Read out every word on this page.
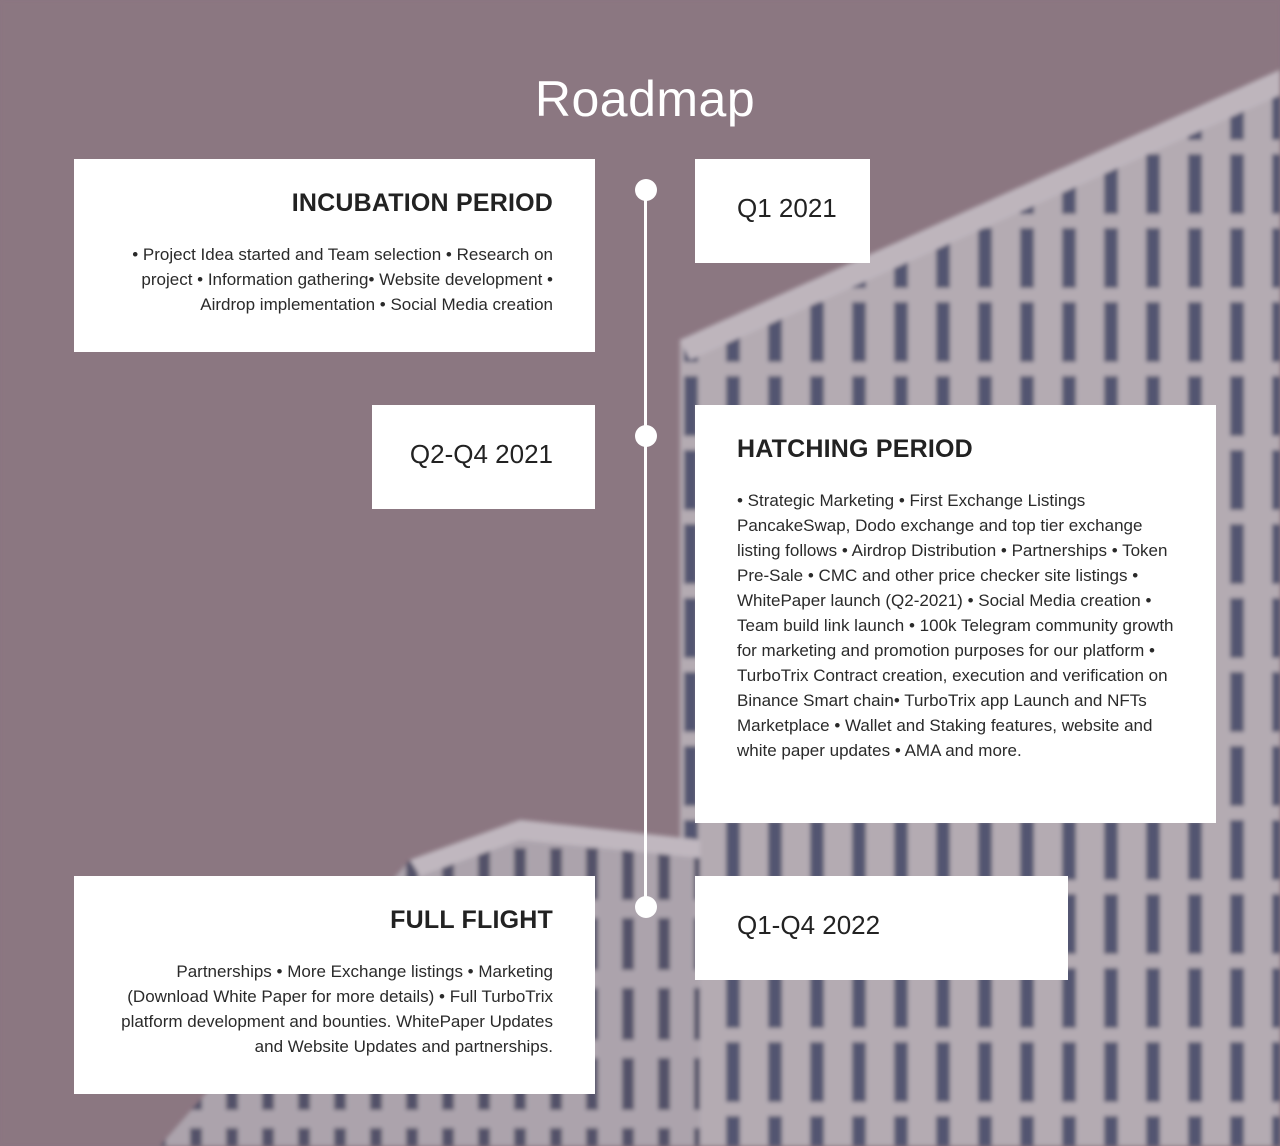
Roadmap
INCUBATION PERIOD

• Project Idea started and Team selection • Research on project • Information gathering• Website development • Airdrop implementation • Social Media creation

Q1 2021
Q2-Q4 2021	HATCHING PERIOD

• Strategic Marketing • First Exchange Listings PancakeSwap, Dodo exchange and top tier exchange listing follows • Airdrop Distribution • Partnerships • Token Pre-Sale • CMC and other price checker site listings • WhitePaper launch (Q2-2021) • Social Media creation • Team build link launch • 100k Telegram community growth for marketing and promotion purposes for our platform • TurboTrix Contract creation, execution and verification on Binance Smart chain• TurboTrix app Launch and NFTs Marketplace • Wallet and Staking features, website and white paper updates • AMA and more.

FULL FLIGHT

Partnerships • More Exchange listings • Marketing (Download White Paper for more details) • Full TurboTrix platform development and bounties. WhitePaper Updates and Website Updates and partnerships.

Q1-Q4 2022
